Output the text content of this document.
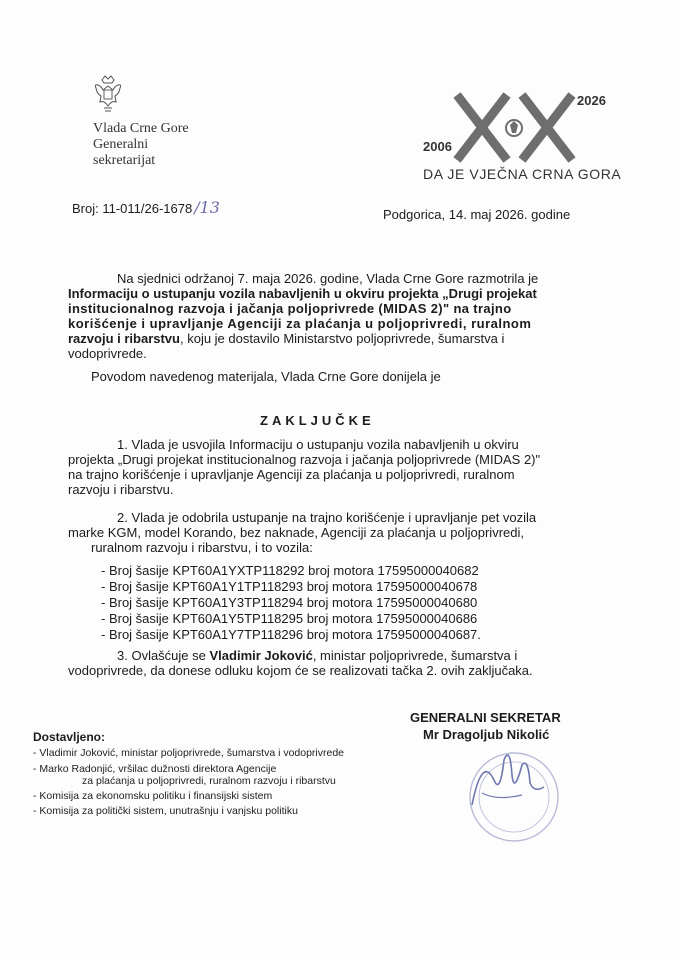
Vlada Crne Gore
Generalni
sekretarijat
2006
2026
DA JE VJEČNA CRNA GORA
Broj: 11-011/26-1678 /13	Podgorica, 14. maj 2026. godine
Na sjednici održanoj 7. maja 2026. godine, Vlada Crne Gore razmotrila je
Informaciju o ustupanju vozila nabavljenih u okviru projekta „Drugi projekat
institucionalnog razvoja i jačanja poljoprivrede (MIDAS 2)" na trajno
korišćenje i upravljanje Agenciji za plaćanja u poljoprivredi, ruralnom
razvoju i ribarstvu, koju je dostavilo Ministarstvo poljoprivrede, šumarstva i
vodoprivrede.
Povodom navedenog materijala, Vlada Crne Gore donijela je
ZAKLJUČKE
1. Vlada je usvojila Informaciju o ustupanju vozila nabavljenih u okviru
projekta „Drugi projekat institucionalnog razvoja i jačanja poljoprivrede (MIDAS 2)"
na trajno korišćenje i upravljanje Agenciji za plaćanja u poljoprivredi, ruralnom
razvoju i ribarstvu.
2. Vlada je odobrila ustupanje na trajno korišćenje i upravljanje pet vozila
marke KGM, model Korando, bez naknade, Agenciji za plaćanja u poljoprivredi,
ruralnom razvoju i ribarstvu, i to vozila:
- Broj šasije KPT60A1YXTP118292 broj motora 17595000040682
- Broj šasije KPT60A1Y1TP118293 broj motora 17595000040678
- Broj šasije KPT60A1Y3TP118294 broj motora 17595000040680
- Broj šasije KPT60A1Y5TP118295 broj motora 17595000040686
- Broj šasije KPT60A1Y7TP118296 broj motora 17595000040687.
3. Ovlašćuje se Vladimir Joković, ministar poljoprivrede, šumarstva i
vodoprivrede, da donese odluku kojom će se realizovati tačka 2. ovih zaključaka.
GENERALNI SEKRETAR
Mr Dragoljub Nikolić
Dostavljeno:
- Vladimir Joković, ministar poljoprivrede, šumarstva i vodoprivrede
- Marko Radonjić, vršilac dužnosti direktora Agencije
za plaćanja u poljoprivredi, ruralnom razvoju i ribarstvu
- Komisija za ekonomsku politiku i finansijski sistem
- Komisija za politički sistem, unutrašnju i vanjsku politiku
